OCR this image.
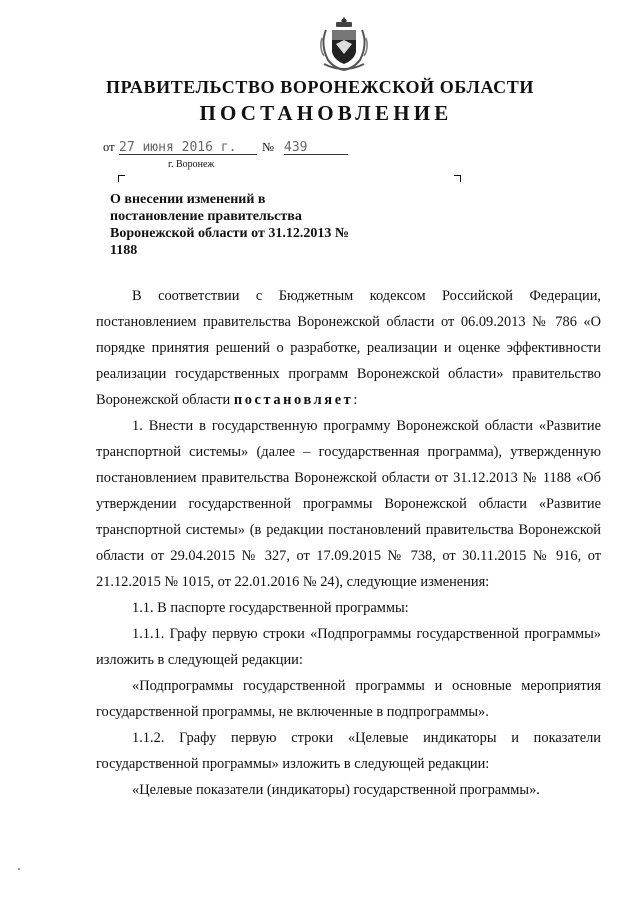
ПРАВИТЕЛЬСТВО ВОРОНЕЖСКОЙ ОБЛАСТИ
ПОСТАНОВЛЕНИЕ
от 27 июня 2016 г.	№ 439
г. Воронеж
О внесении изменений в постановление правительства Воронежской области от 31.12.2013 № 1188

В соответствии с Бюджетным кодексом Российской Федерации, постановлением правительства Воронежской области от 06.09.2013 № 786 «О порядке принятия решений о разработке, реализации и оценке эффективности реализации государственных программ Воронежской области» правительство Воронежской области постановляет:

1. Внести в государственную программу Воронежской области «Развитие транспортной системы» (далее – государственная программа), утвержденную постановлением правительства Воронежской области от 31.12.2013 № 1188 «Об утверждении государственной программы Воронежской области «Развитие транспортной системы» (в редакции постановлений правительства Воронежской области от 29.04.2015 № 327, от 17.09.2015 № 738, от 30.11.2015 № 916, от 21.12.2015 № 1015, от 22.01.2016 № 24), следующие изменения:

1.1. В паспорте государственной программы:

1.1.1. Графу первую строки «Подпрограммы государственной программы» изложить в следующей редакции:

«Подпрограммы государственной программы и основные мероприятия государственной программы, не включенные в подпрограммы».

1.1.2. Графу первую строки «Целевые индикаторы и показатели государственной программы» изложить в следующей редакции:

«Целевые показатели (индикаторы) государственной программы».
